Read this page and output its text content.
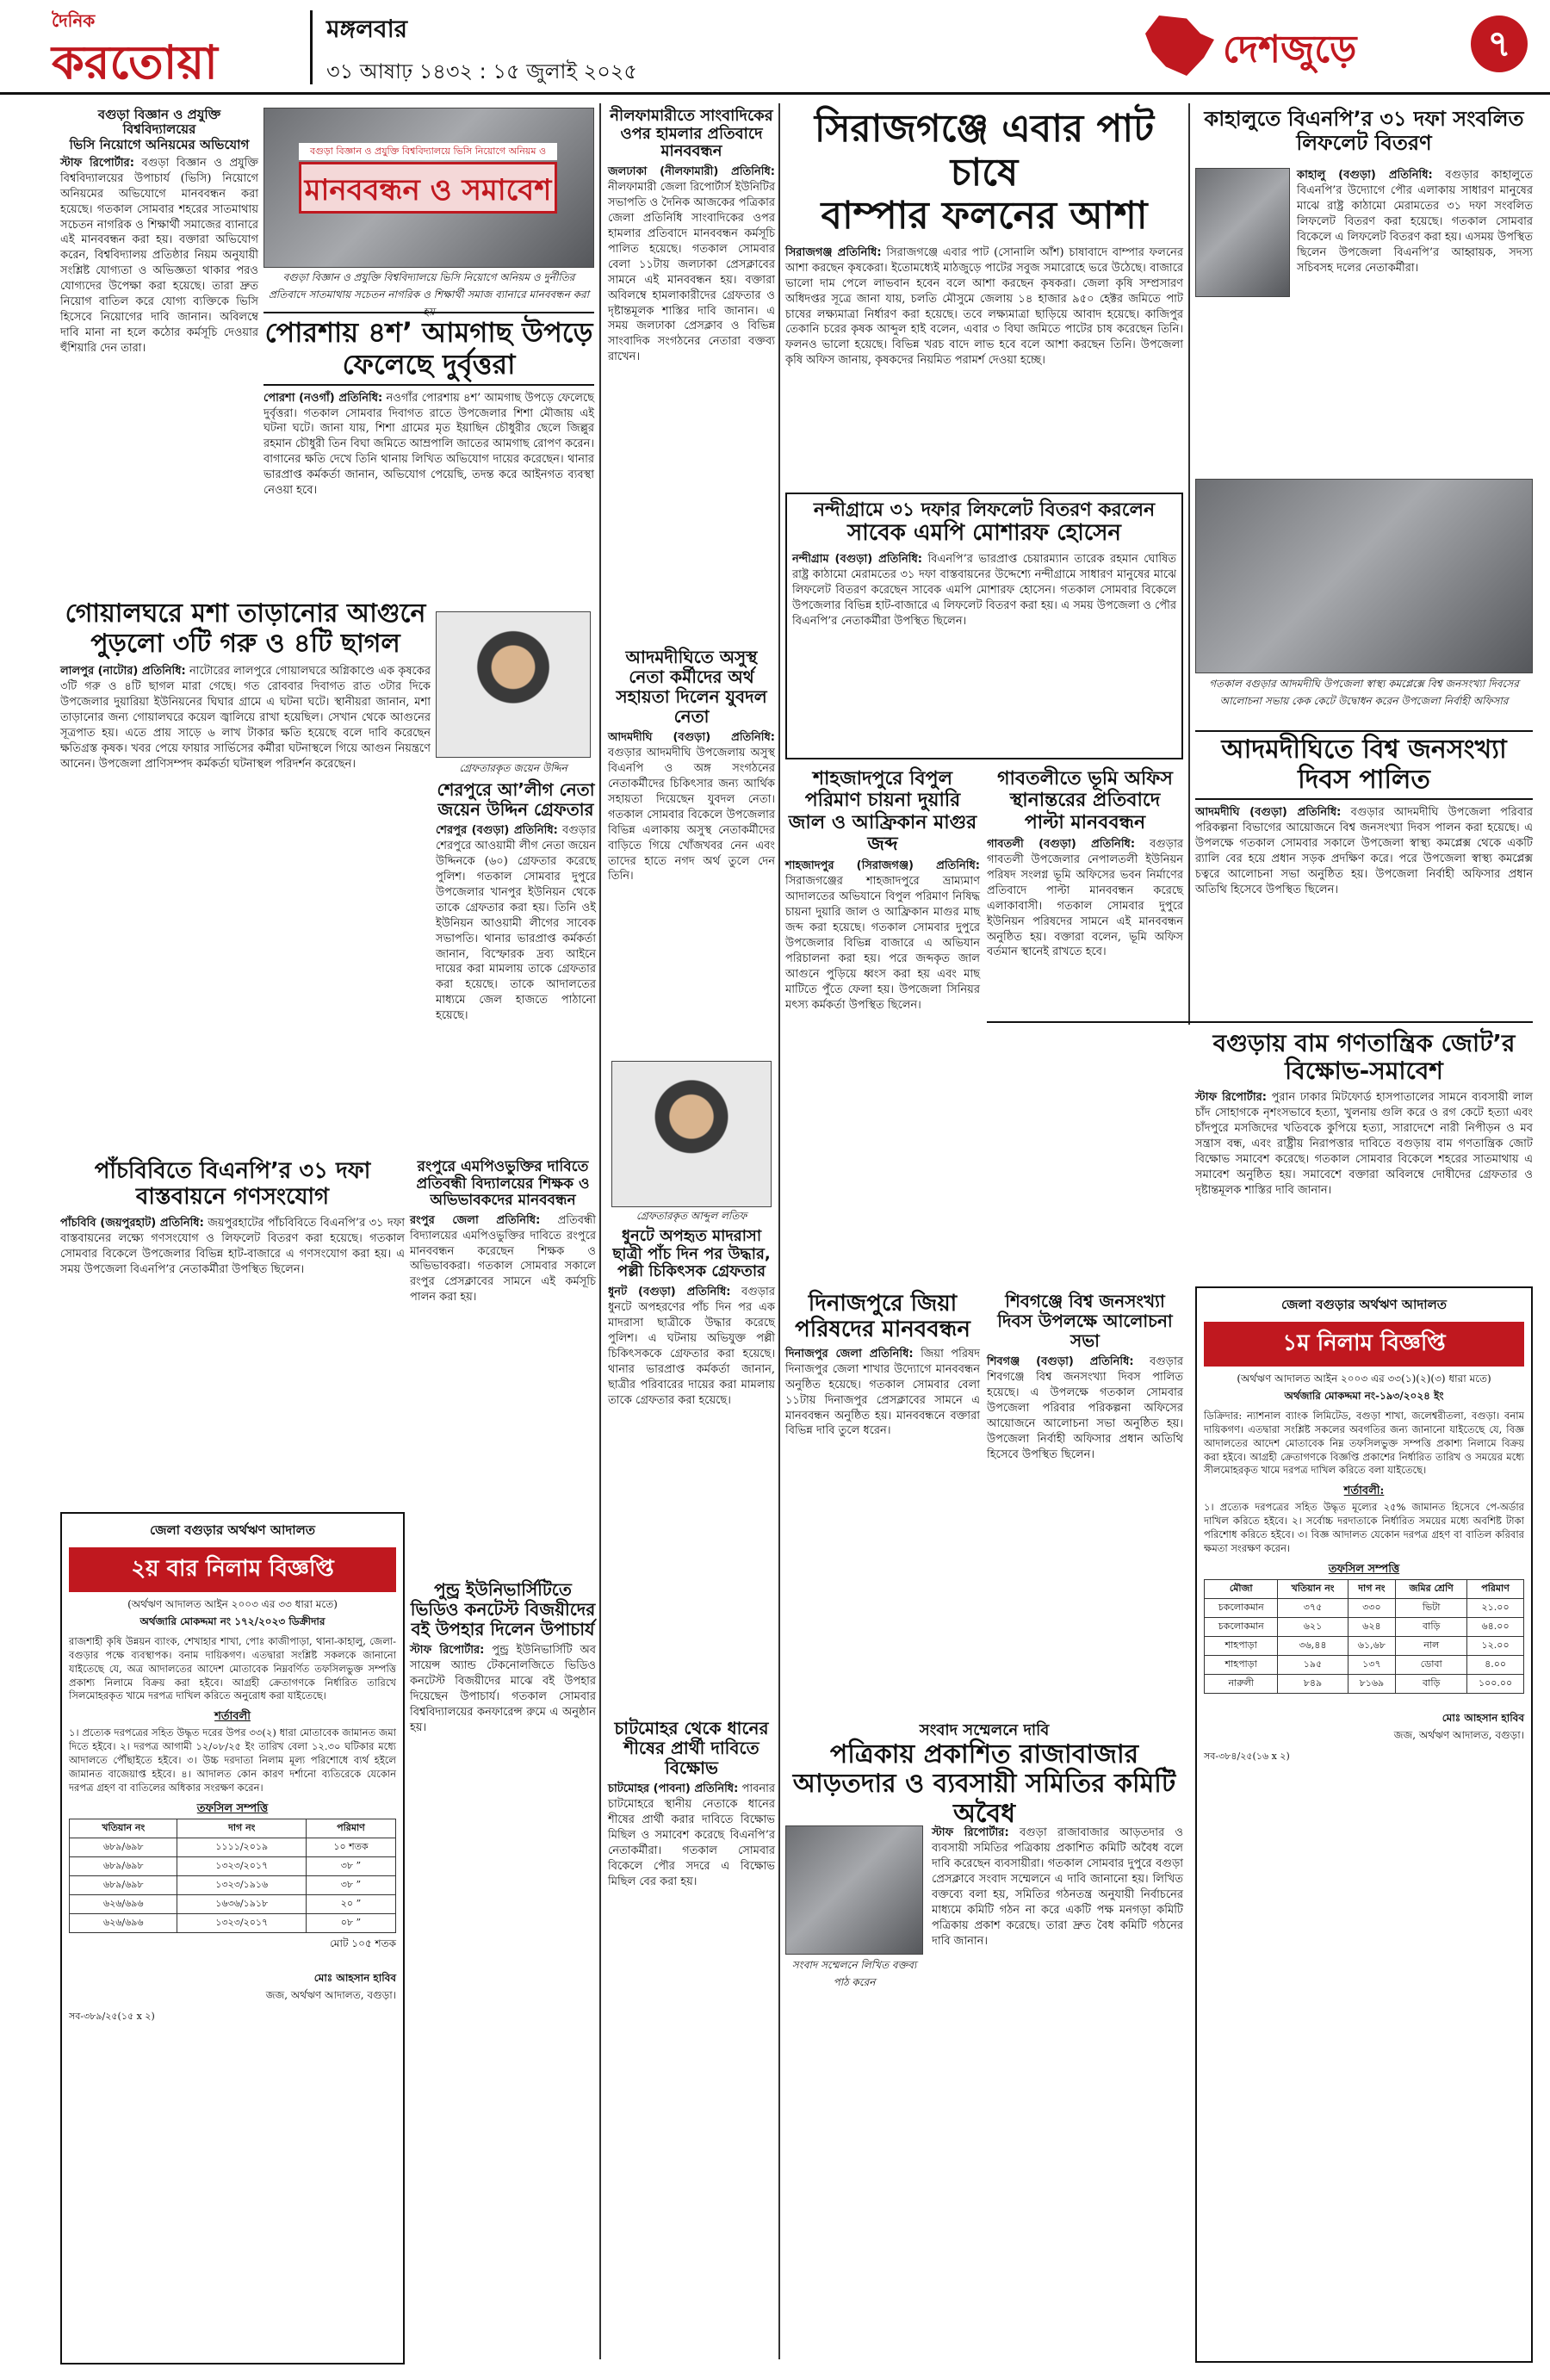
দৈনিক
করতোয়া
মঙ্গলবার
৩১ আষাঢ় ১৪৩২ : ১৫ জুলাই ২০২৫	দেশজুড়ে	৭
বগুড়া বিজ্ঞান ও প্রযুক্তি বিশ্ববিদ্যালয়ের
ভিসি নিয়োগে অনিয়মের অভিযোগ
স্টাফ রিপোর্টার: বগুড়া বিজ্ঞান ও প্রযুক্তি বিশ্ববিদ্যালয়ের উপাচার্য (ভিসি) নিয়োগে অনিয়মের অভিযোগে মানববন্ধন করা হয়েছে। গতকাল সোমবার শহরের সাতমাথায় সচেতন নাগরিক ও শিক্ষার্থী সমাজের ব্যানারে এই মানববন্ধন করা হয়। বক্তারা অভিযোগ করেন, বিশ্ববিদ্যালয় প্রতিষ্ঠার নিয়ম অনুযায়ী সংশ্লিষ্ট যোগ্যতা ও অভিজ্ঞতা থাকার পরও যোগ্যদের উপেক্ষা করা হয়েছে। তারা দ্রুত নিয়োগ বাতিল করে যোগ্য ব্যক্তিকে ভিসি হিসেবে নিয়োগের দাবি জানান। অবিলম্বে দাবি মানা না হলে কঠোর কর্মসূচি দেওয়ার হুঁশিয়ারি দেন তারা।
বগুড়া বিজ্ঞান ও প্রযুক্তি বিশ্ববিদ্যালয়ে ভিসি নিয়োগে অনিয়ম ও
মানববন্ধন ও সমাবেশ
বগুড়া বিজ্ঞান ও প্রযুক্তি বিশ্ববিদ্যালয়ে ভিসি নিয়োগে অনিয়ম ও দুর্নীতির প্রতিবাদে সাতমাথায় সচেতন নাগরিক ও শিক্ষার্থী সমাজ ব্যানারে মানববন্ধন করা হয়
পোরশায় ৪শ’ আমগাছ উপড়ে ফেলেছে দুর্বৃত্তরা
পোরশা (নওগাঁ) প্রতিনিধি: নওগাঁর পোরশায় ৪শ’ আমগাছ উপড়ে ফেলেছে দুর্বৃত্তরা। গতকাল সোমবার দিবাগত রাতে উপজেলার শিশা মৌজায় এই ঘটনা ঘটে। জানা যায়, শিশা গ্রামের মৃত ইয়াছিন চৌধুরীর ছেলে জিল্লুর রহমান চৌধুরী তিন বিঘা জমিতে আম্রপালি জাতের আমগাছ রোপণ করেন। বাগানের ক্ষতি দেখে তিনি থানায় লিখিত অভিযোগ দায়ের করেছেন। থানার ভারপ্রাপ্ত কর্মকর্তা জানান, অভিযোগ পেয়েছি, তদন্ত করে আইনগত ব্যবস্থা নেওয়া হবে।
গোয়ালঘরে মশা তাড়ানোর আগুনে
পুড়লো ৩টি গরু ও ৪টি ছাগল
লালপুর (নাটোর) প্রতিনিধি: নাটোরের লালপুরে গোয়ালঘরে অগ্নিকাণ্ডে এক কৃষকের ৩টি গরু ও ৪টি ছাগল মারা গেছে। গত রোববার দিবাগত রাত ৩টার দিকে উপজেলার দুয়ারিয়া ইউনিয়নের ঘিঘার গ্রামে এ ঘটনা ঘটে। স্থানীয়রা জানান, মশা তাড়ানোর জন্য গোয়ালঘরে কয়েল জ্বালিয়ে রাখা হয়েছিল। সেখান থেকে আগুনের সূত্রপাত হয়। এতে প্রায় সাড়ে ৬ লাখ টাকার ক্ষতি হয়েছে বলে দাবি করেছেন ক্ষতিগ্রস্ত কৃষক। খবর পেয়ে ফায়ার সার্ভিসের কর্মীরা ঘটনাস্থলে গিয়ে আগুন নিয়ন্ত্রণে আনেন। উপজেলা প্রাণিসম্পদ কর্মকর্তা ঘটনাস্থল পরিদর্শন করেছেন।	গ্রেফতারকৃত জয়েন উদ্দিন
শেরপুরে আ’লীগ নেতা জয়েন উদ্দিন গ্রেফতার
শেরপুর (বগুড়া) প্রতিনিধি: বগুড়ার শেরপুরে আওয়ামী লীগ নেতা জয়েন উদ্দিনকে (৬০) গ্রেফতার করেছে পুলিশ। গতকাল সোমবার দুপুরে উপজেলার খানপুর ইউনিয়ন থেকে তাকে গ্রেফতার করা হয়। তিনি ওই ইউনিয়ন আওয়ামী লীগের সাবেক সভাপতি। থানার ভারপ্রাপ্ত কর্মকর্তা জানান, বিস্ফোরক দ্রব্য আইনে দায়ের করা মামলায় তাকে গ্রেফতার করা হয়েছে। তাকে আদালতের মাধ্যমে জেল হাজতে পাঠানো হয়েছে।
পাঁচবিবিতে বিএনপি’র ৩১ দফা বাস্তবায়নে গণসংযোগ
পাঁচবিবি (জয়পুরহাট) প্রতিনিধি: জয়পুরহাটের পাঁচবিবিতে বিএনপি’র ৩১ দফা বাস্তবায়নের লক্ষ্যে গণসংযোগ ও লিফলেট বিতরণ করা হয়েছে। গতকাল সোমবার বিকেলে উপজেলার বিভিন্ন হাট-বাজারে এ গণসংযোগ করা হয়। এ সময় উপজেলা বিএনপি’র নেতাকর্মীরা উপস্থিত ছিলেন।
রংপুরে এমপিওভুক্তির দাবিতে প্রতিবন্ধী বিদ্যালয়ের শিক্ষক ও অভিভাবকদের মানববন্ধন
রংপুর জেলা প্রতিনিধি: প্রতিবন্ধী বিদ্যালয়ের এমপিওভুক্তির দাবিতে রংপুরে মানববন্ধন করেছেন শিক্ষক ও অভিভাবকরা। গতকাল সোমবার সকালে রংপুর প্রেসক্লাবের সামনে এই কর্মসূচি পালন করা হয়।
পুন্ড্র ইউনিভার্সিটিতে ভিডিও কনটেস্ট বিজয়ীদের বই উপহার দিলেন উপাচার্য
স্টাফ রিপোর্টার: পুন্ড্র ইউনিভার্সিটি অব সায়েন্স অ্যান্ড টেকনোলজিতে ভিডিও কনটেস্ট বিজয়ীদের মাঝে বই উপহার দিয়েছেন উপাচার্য। গতকাল সোমবার বিশ্ববিদ্যালয়ের কনফারেন্স রুমে এ অনুষ্ঠান হয়।
জেলা বগুড়ার অর্থঋণ আদালত
২য় বার নিলাম বিজ্ঞপ্তি
(অর্থঋণ আদালত আইন ২০০৩ এর ৩৩ ধারা মতে)
অর্থজারি মোকদ্দমা নং ১৭২/২০২৩ ডিক্রীদার
রাজশাহী কৃষি উন্নয়ন ব্যাংক, শেখাহার শাখা, পোঃ কাজীপাড়া, থানা-কাহালু, জেলা-বগুড়ার পক্ষে ব্যবস্থাপক। বনাম দায়িকগণ। এতদ্বারা সংশ্লিষ্ট সকলকে জানানো যাইতেছে যে, অত্র আদালতের আদেশ মোতাবেক নিম্নবর্ণিত তফসিলভুক্ত সম্পত্তি প্রকাশ্য নিলামে বিক্রয় করা হইবে। আগ্রহী ক্রেতাগণকে নির্ধারিত তারিখে সিলমোহরকৃত খামে দরপত্র দাখিল করিতে অনুরোধ করা যাইতেছে।
শর্তাবলী
১। প্রত্যেক দরপত্রের সহিত উদ্ধৃত দরের উপর ৩৩(২) ধারা মোতাবেক জামানত জমা দিতে হইবে। ২। দরপত্র আগামী ১২/০৮/২৫ ইং তারিখ বেলা ১২.৩০ ঘটিকার মধ্যে আদালতে পৌঁছাইতে হইবে। ৩। উচ্চ দরদাতা নিলাম মূল্য পরিশোধে ব্যর্থ হইলে জামানত বাজেয়াপ্ত হইবে। ৪। আদালত কোন কারণ দর্শানো ব্যতিরেকে যেকোন দরপত্র গ্রহণ বা বাতিলের অধিকার সংরক্ষণ করেন।
তফসিল সম্পত্তি
খতিয়ান নং	দাগ নং	পরিমাণ
৬৮৯/৬৯৮	১১১১/২০১৯	১০ শতক
৬৮৯/৬৯৮	১৩২৩/২০১৭	৩৮ ”
৬৮৯/৬৯৮	১৩২৩/১৯১৬	৩৮ ”
৬২৬/৬৯৬	১৬৩৬/১৯১৮	২০ ”
৬২৬/৬৯৬	১৩২৩/২০১৭	০৮ ”
মোট ১০৫ শতক
মোঃ আহসান হাবিব
জজ, অর্থঋণ আদালত, বগুড়া।
সব-৩৮৯/২৫(১৫ x ২)
নীলফামারীতে সাংবাদিকের ওপর হামলার প্রতিবাদে মানববন্ধন
জলঢাকা (নীলফামারী) প্রতিনিধি: নীলফামারী জেলা রিপোর্টার্স ইউনিটির সভাপতি ও দৈনিক আজকের পত্রিকার জেলা প্রতিনিধি সাংবাদিকের ওপর হামলার প্রতিবাদে মানববন্ধন কর্মসূচি পালিত হয়েছে। গতকাল সোমবার বেলা ১১টায় জলঢাকা প্রেসক্লাবের সামনে এই মানববন্ধন হয়। বক্তারা অবিলম্বে হামলাকারীদের গ্রেফতার ও দৃষ্টান্তমূলক শাস্তির দাবি জানান। এ সময় জলঢাকা প্রেসক্লাব ও বিভিন্ন সাংবাদিক সংগঠনের নেতারা বক্তব্য রাখেন।
আদমদীঘিতে অসুস্থ নেতা কর্মীদের অর্থ সহায়তা দিলেন যুবদল নেতা
আদমদীঘি (বগুড়া) প্রতিনিধি: বগুড়ার আদমদীঘি উপজেলায় অসুস্থ বিএনপি ও অঙ্গ সংগঠনের নেতাকর্মীদের চিকিৎসার জন্য আর্থিক সহায়তা দিয়েছেন যুবদল নেতা। গতকাল সোমবার বিকেলে উপজেলার বিভিন্ন এলাকায় অসুস্থ নেতাকর্মীদের বাড়িতে গিয়ে খোঁজখবর নেন এবং তাদের হাতে নগদ অর্থ তুলে দেন তিনি।
গ্রেফতারকৃত আব্দুল লতিফ
ধুনটে অপহৃত মাদরাসা ছাত্রী পাঁচ দিন পর উদ্ধার, পল্লী চিকিৎসক গ্রেফতার
ধুনট (বগুড়া) প্রতিনিধি: বগুড়ার ধুনটে অপহরণের পাঁচ দিন পর এক মাদরাসা ছাত্রীকে উদ্ধার করেছে পুলিশ। এ ঘটনায় অভিযুক্ত পল্লী চিকিৎসককে গ্রেফতার করা হয়েছে। থানার ভারপ্রাপ্ত কর্মকর্তা জানান, ছাত্রীর পরিবারের দায়ের করা মামলায় তাকে গ্রেফতার করা হয়েছে।
চাটমোহর থেকে ধানের শীষের প্রার্থী দাবিতে বিক্ষোভ
চাটমোহর (পাবনা) প্রতিনিধি: পাবনার চাটমোহরে স্থানীয় নেতাকে ধানের শীষের প্রার্থী করার দাবিতে বিক্ষোভ মিছিল ও সমাবেশ করেছে বিএনপি’র নেতাকর্মীরা। গতকাল সোমবার বিকেলে পৌর সদরে এ বিক্ষোভ মিছিল বের করা হয়।
সিরাজগঞ্জে এবার পাট চাষে
বাম্পার ফলনের আশা
সিরাজগঞ্জ প্রতিনিধি: সিরাজগঞ্জে এবার পাট (সোনালি আঁশ) চাষাবাদে বাম্পার ফলনের আশা করছেন কৃষকেরা। ইতোমধ্যেই মাঠজুড়ে পাটের সবুজ সমারোহে ভরে উঠেছে। বাজারে ভালো দাম পেলে লাভবান হবেন বলে আশা করছেন কৃষকরা। জেলা কৃষি সম্প্রসারণ অধিদপ্তর সূত্রে জানা যায়, চলতি মৌসুমে জেলায় ১৪ হাজার ৯৫০ হেক্টর জমিতে পাট চাষের লক্ষ্যমাত্রা নির্ধারণ করা হয়েছে। তবে লক্ষ্যমাত্রা ছাড়িয়ে আবাদ হয়েছে। কাজিপুর তেকানি চরের কৃষক আব্দুল হাই বলেন, এবার ৩ বিঘা জমিতে পাটের চাষ করেছেন তিনি। ফলনও ভালো হয়েছে। বিভিন্ন খরচ বাদে লাভ হবে বলে আশা করছেন তিনি। উপজেলা কৃষি অফিস জানায়, কৃষকদের নিয়মিত পরামর্শ দেওয়া হচ্ছে।
নন্দীগ্রামে ৩১ দফার লিফলেট বিতরণ করলেন
সাবেক এমপি মোশারফ হোসেন
নন্দীগ্রাম (বগুড়া) প্রতিনিধি: বিএনপি’র ভারপ্রাপ্ত চেয়ারম্যান তারেক রহমান ঘোষিত রাষ্ট্র কাঠামো মেরামতের ৩১ দফা বাস্তবায়নের উদ্দেশ্যে নন্দীগ্রামে সাধারণ মানুষের মাঝে লিফলেট বিতরণ করেছেন সাবেক এমপি মোশারফ হোসেন। গতকাল সোমবার বিকেলে উপজেলার বিভিন্ন হাট-বাজারে এ লিফলেট বিতরণ করা হয়। এ সময় উপজেলা ও পৌর বিএনপি’র নেতাকর্মীরা উপস্থিত ছিলেন।
শাহজাদপুরে বিপুল পরিমাণ চায়না দুয়ারি জাল ও আফ্রিকান মাগুর জব্দ
শাহজাদপুর (সিরাজগঞ্জ) প্রতিনিধি: সিরাজগঞ্জের শাহজাদপুরে ভ্রাম্যমাণ আদালতের অভিযানে বিপুল পরিমাণ নিষিদ্ধ চায়না দুয়ারি জাল ও আফ্রিকান মাগুর মাছ জব্দ করা হয়েছে। গতকাল সোমবার দুপুরে উপজেলার বিভিন্ন বাজারে এ অভিযান পরিচালনা করা হয়। পরে জব্দকৃত জাল আগুনে পুড়িয়ে ধ্বংস করা হয় এবং মাছ মাটিতে পুঁতে ফেলা হয়। উপজেলা সিনিয়র মৎস্য কর্মকর্তা উপস্থিত ছিলেন।
গাবতলীতে ভূমি অফিস স্থানান্তরের প্রতিবাদে পাল্টা মানববন্ধন
গাবতলী (বগুড়া) প্রতিনিধি: বগুড়ার গাবতলী উপজেলার নেপালতলী ইউনিয়ন পরিষদ সংলগ্ন ভূমি অফিসের ভবন নির্মাণের প্রতিবাদে পাল্টা মানববন্ধন করেছে এলাকাবাসী। গতকাল সোমবার দুপুরে ইউনিয়ন পরিষদের সামনে এই মানববন্ধন অনুষ্ঠিত হয়। বক্তারা বলেন, ভূমি অফিস বর্তমান স্থানেই রাখতে হবে।
দিনাজপুরে জিয়া পরিষদের মানববন্ধন
দিনাজপুর জেলা প্রতিনিধি: জিয়া পরিষদ দিনাজপুর জেলা শাখার উদ্যোগে মানববন্ধন অনুষ্ঠিত হয়েছে। গতকাল সোমবার বেলা ১১টায় দিনাজপুর প্রেসক্লাবের সামনে এ মানববন্ধন অনুষ্ঠিত হয়। মানববন্ধনে বক্তারা বিভিন্ন দাবি তুলে ধরেন।
শিবগঞ্জে বিশ্ব জনসংখ্যা দিবস উপলক্ষে আলোচনা সভা
শিবগঞ্জ (বগুড়া) প্রতিনিধি: বগুড়ার শিবগঞ্জে বিশ্ব জনসংখ্যা দিবস পালিত হয়েছে। এ উপলক্ষে গতকাল সোমবার উপজেলা পরিবার পরিকল্পনা অফিসের আয়োজনে আলোচনা সভা অনুষ্ঠিত হয়। উপজেলা নির্বাহী অফিসার প্রধান অতিথি হিসেবে উপস্থিত ছিলেন।
সংবাদ সম্মেলনে দাবি
পত্রিকায় প্রকাশিত রাজাবাজার আড়তদার ও ব্যবসায়ী সমিতির কমিটি অবৈধ
সংবাদ সম্মেলনে লিখিত বক্তব্য পাঠ করেন
স্টাফ রিপোর্টার: বগুড়া রাজাবাজার আড়তদার ও ব্যবসায়ী সমিতির পত্রিকায় প্রকাশিত কমিটি অবৈধ বলে দাবি করেছেন ব্যবসায়ীরা। গতকাল সোমবার দুপুরে বগুড়া প্রেসক্লাবে সংবাদ সম্মেলনে এ দাবি জানানো হয়। লিখিত বক্তব্যে বলা হয়, সমিতির গঠনতন্ত্র অনুযায়ী নির্বাচনের মাধ্যমে কমিটি গঠন না করে একটি পক্ষ মনগড়া কমিটি পত্রিকায় প্রকাশ করেছে। তারা দ্রুত বৈধ কমিটি গঠনের দাবি জানান।
কাহালুতে বিএনপি’র ৩১ দফা সংবলিত লিফলেট বিতরণ
কাহালু (বগুড়া) প্রতিনিধি: বগুড়ার কাহালুতে বিএনপি’র উদ্যোগে পৌর এলাকায় সাধারণ মানুষের মাঝে রাষ্ট্র কাঠামো মেরামতের ৩১ দফা সংবলিত লিফলেট বিতরণ করা হয়েছে। গতকাল সোমবার বিকেলে এ লিফলেট বিতরণ করা হয়। এসময় উপস্থিত ছিলেন উপজেলা বিএনপি’র আহ্বায়ক, সদস্য সচিবসহ দলের নেতাকর্মীরা।
গতকাল বগুড়ার আদমদীঘি উপজেলা স্বাস্থ্য কমপ্লেক্সে বিশ্ব জনসংখ্যা দিবসের আলোচনা সভায় কেক কেটে উদ্বোধন করেন উপজেলা নির্বাহী অফিসার
আদমদীঘিতে বিশ্ব জনসংখ্যা দিবস পালিত
আদমদীঘি (বগুড়া) প্রতিনিধি: বগুড়ার আদমদীঘি উপজেলা পরিবার পরিকল্পনা বিভাগের আয়োজনে বিশ্ব জনসংখ্যা দিবস পালন করা হয়েছে। এ উপলক্ষে গতকাল সোমবার সকালে উপজেলা স্বাস্থ্য কমপ্লেক্স থেকে একটি র‍্যালি বের হয়ে প্রধান সড়ক প্রদক্ষিণ করে। পরে উপজেলা স্বাস্থ্য কমপ্লেক্স চত্বরে আলোচনা সভা অনুষ্ঠিত হয়। উপজেলা নির্বাহী অফিসার প্রধান অতিথি হিসেবে উপস্থিত ছিলেন।
বগুড়ায় বাম গণতান্ত্রিক জোট’র বিক্ষোভ-সমাবেশ
স্টাফ রিপোর্টার: পুরান ঢাকার মিটফোর্ড হাসপাতালের সামনে ব্যবসায়ী লাল চাঁদ সোহাগকে নৃশংসভাবে হত্যা, খুলনায় গুলি করে ও রগ কেটে হত্যা এবং চাঁদপুরে মসজিদের খতিবকে কুপিয়ে হত্যা, সারাদেশে নারী নিপীড়ন ও মব সন্ত্রাস বন্ধ, এবং রাষ্ট্রীয় নিরাপত্তার দাবিতে বগুড়ায় বাম গণতান্ত্রিক জোট বিক্ষোভ সমাবেশ করেছে। গতকাল সোমবার বিকেলে শহরের সাতমাথায় এ সমাবেশ অনুষ্ঠিত হয়। সমাবেশে বক্তারা অবিলম্বে দোষীদের গ্রেফতার ও দৃষ্টান্তমূলক শাস্তির দাবি জানান।
জেলা বগুড়ার অর্থঋণ আদালত
১ম নিলাম বিজ্ঞপ্তি
(অর্থঋণ আদালত আইন ২০০৩ এর ৩৩(১)(২)(৩) ধারা মতে)
অর্থজারি মোকদ্দমা নং-১৯৩/২০২৪ ইং
ডিক্রিদার: ন্যাশনাল ব্যাংক লিমিটেড, বগুড়া শাখা, জলেশ্বরীতলা, বগুড়া। বনাম দায়িকগণ। এতদ্বারা সংশ্লিষ্ট সকলের অবগতির জন্য জানানো যাইতেছে যে, বিজ্ঞ আদালতের আদেশ মোতাবেক নিম্ন তফসিলভুক্ত সম্পত্তি প্রকাশ্য নিলামে বিক্রয় করা হইবে। আগ্রহী ক্রেতাগণকে বিজ্ঞপ্তি প্রকাশের নির্ধারিত তারিখ ও সময়ের মধ্যে সীলমোহরকৃত খামে দরপত্র দাখিল করিতে বলা যাইতেছে।
শর্তাবলী:
১। প্রত্যেক দরপত্রের সহিত উদ্ধৃত মূল্যের ২৫% জামানত হিসেবে পে-অর্ডার দাখিল করিতে হইবে। ২। সর্বোচ্চ দরদাতাকে নির্ধারিত সময়ের মধ্যে অবশিষ্ট টাকা পরিশোধ করিতে হইবে। ৩। বিজ্ঞ আদালত যেকোন দরপত্র গ্রহণ বা বাতিল করিবার ক্ষমতা সংরক্ষণ করেন।
তফসিল সম্পত্তি
মৌজা	খতিয়ান নং	দাগ নং	জমির শ্রেণি	পরিমাণ
চকলোকমান	৩৭৫	৩৩০	ভিটা	২১.০০
চকলোকমান	৬২১	৬২৪	বাড়ি	৬৪.০০
শাহপাড়া	৩৬,৪৪	৬১,৬৮	নাল	১২.০০
শাহপাড়া	১৯৫	১৩৭	ডোবা	৪.০০
নারুলী	৮৪৯	৮১৬৯	বাড়ি	১০০.০০
মোঃ আহসান হাবিব
জজ, অর্থঋণ আদালত, বগুড়া।
সব-৩৮৪/২৫(১৬ x ২)
